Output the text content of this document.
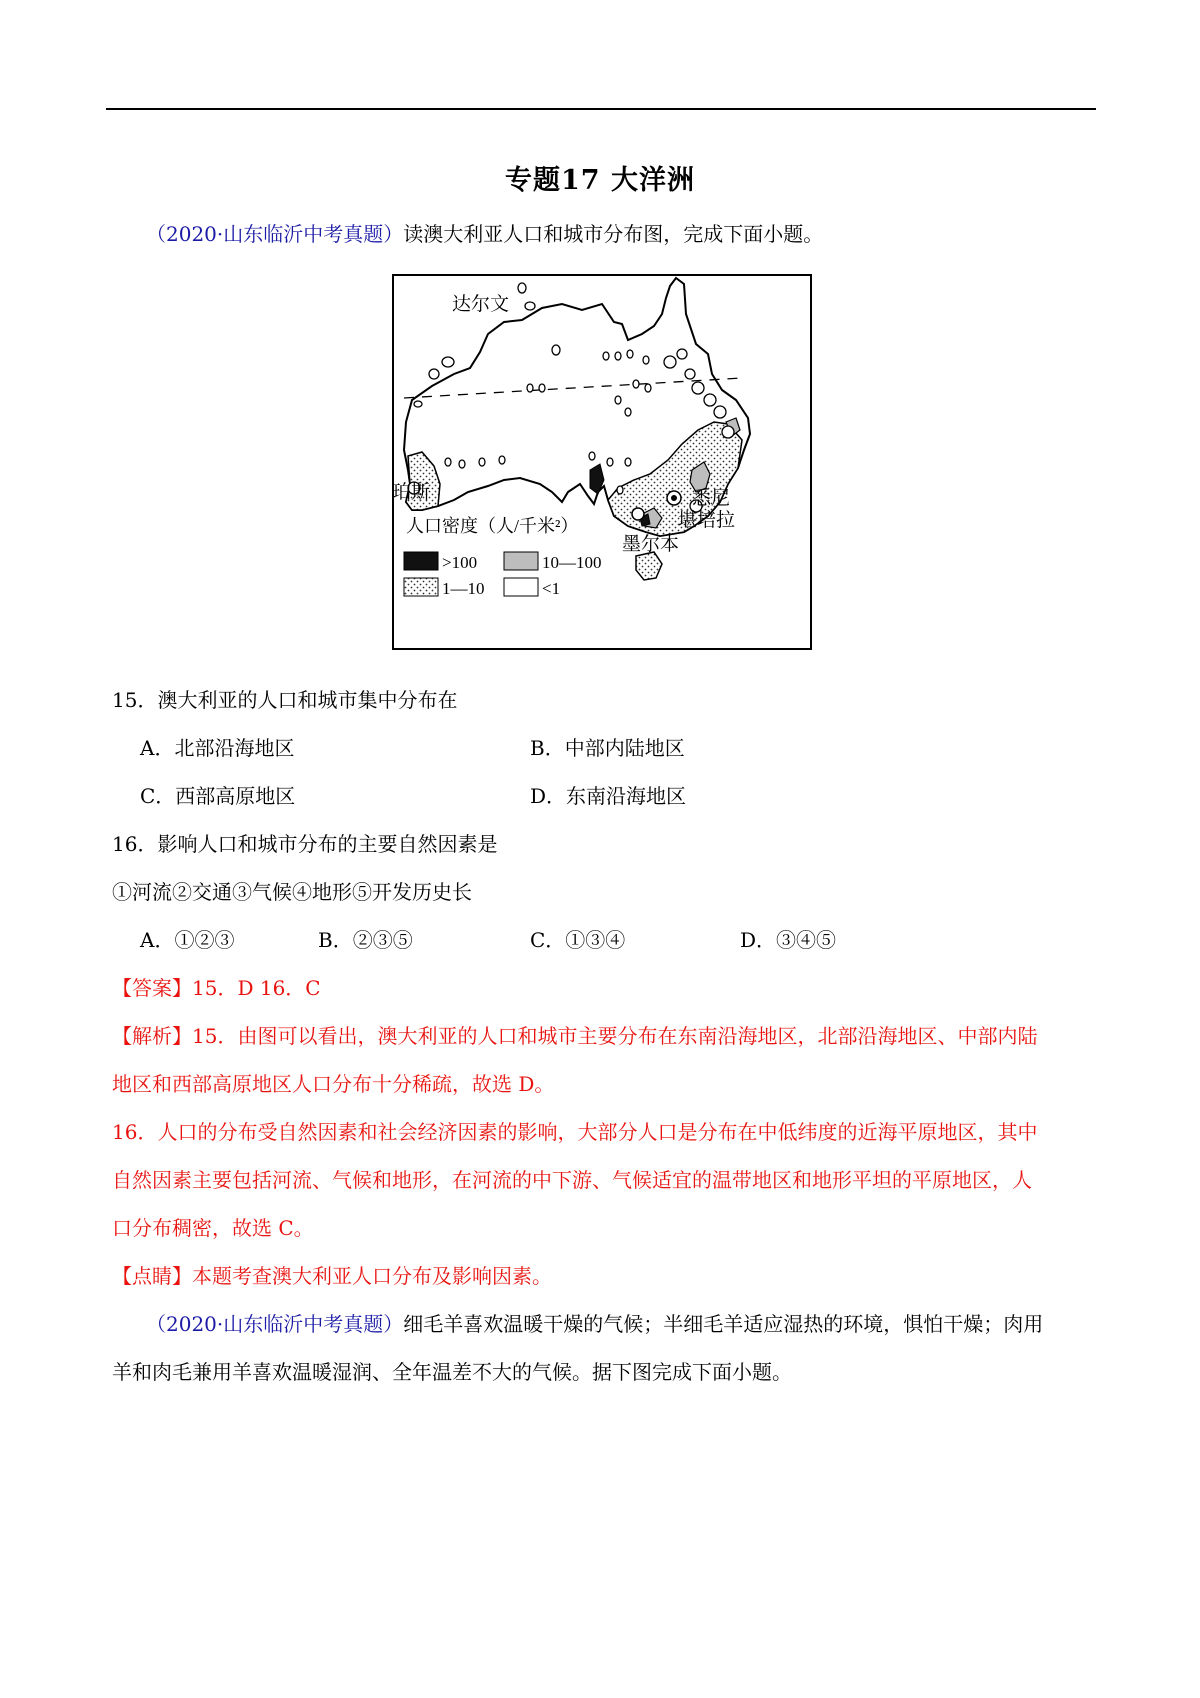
专题17 大洋洲
（2020·山东临沂中考真题）读澳大利亚人口和城市分布图，完成下面小题。
达尔文
珀斯	悉尼
堪培拉
墨尔本
人口密度（人/千米²）
>100	10—100
1—10	<1
15．澳大利亚的人口和城市集中分布在
A．北部沿海地区	B．中部内陆地区
C．西部高原地区	D．东南沿海地区
16．影响人口和城市分布的主要自然因素是
①河流②交通③气候④地形⑤开发历史长
A．①②③	B．②③⑤	C．①③④	D．③④⑤
【答案】15．D 16．C
【解析】15．由图可以看出，澳大利亚的人口和城市主要分布在东南沿海地区，北部沿海地区、中部内陆
地区和西部高原地区人口分布十分稀疏，故选 D。
16．人口的分布受自然因素和社会经济因素的影响，大部分人口是分布在中低纬度的近海平原地区，其中
自然因素主要包括河流、气候和地形，在河流的中下游、气候适宜的温带地区和地形平坦的平原地区，人
口分布稠密，故选 C。
【点睛】本题考查澳大利亚人口分布及影响因素。
（2020·山东临沂中考真题）细毛羊喜欢温暖干燥的气候；半细毛羊适应湿热的环境，惧怕干燥；肉用
羊和肉毛兼用羊喜欢温暖湿润、全年温差不大的气候。据下图完成下面小题。
